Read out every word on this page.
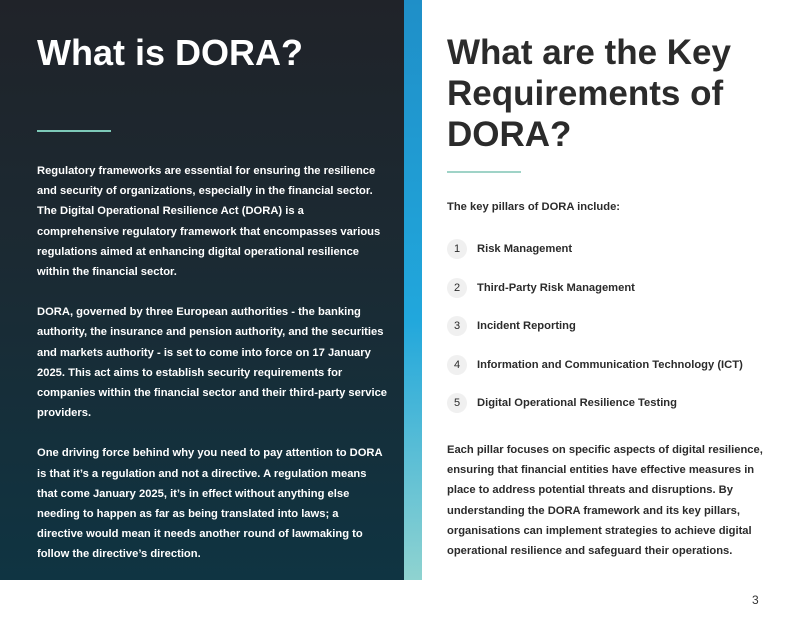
What is DORA?

Regulatory frameworks are essential for ensuring the resilience and security of organizations, especially in the financial sector. The Digital Operational Resilience Act (DORA) is a comprehensive regulatory framework that encompasses various regulations aimed at enhancing digital operational resilience within the financial sector.

DORA, governed by three European authorities - the banking authority, the insurance and pension authority, and the securities and markets authority - is set to come into force on 17 January 2025. This act aims to establish security requirements for companies within the financial sector and their third-party service providers.

One driving force behind why you need to pay attention to DORA is that it’s a regulation and not a directive. A regulation means that come January 2025, it’s in effect without anything else needing to happen as far as being translated into laws; a directive would mean it needs another round of lawmaking to follow the directive’s direction.

What are the Key Requirements of DORA?

The key pillars of DORA include:

1	Risk Management
2	Third-Party Risk Management
3	Incident Reporting
4	Information and Communication Technology (ICT)
5	Digital Operational Resilience Testing

Each pillar focuses on specific aspects of digital resilience, ensuring that financial entities have effective measures in place to address potential threats and disruptions. By understanding the DORA framework and its key pillars, organisations can implement strategies to achieve digital operational resilience and safeguard their operations.

3
